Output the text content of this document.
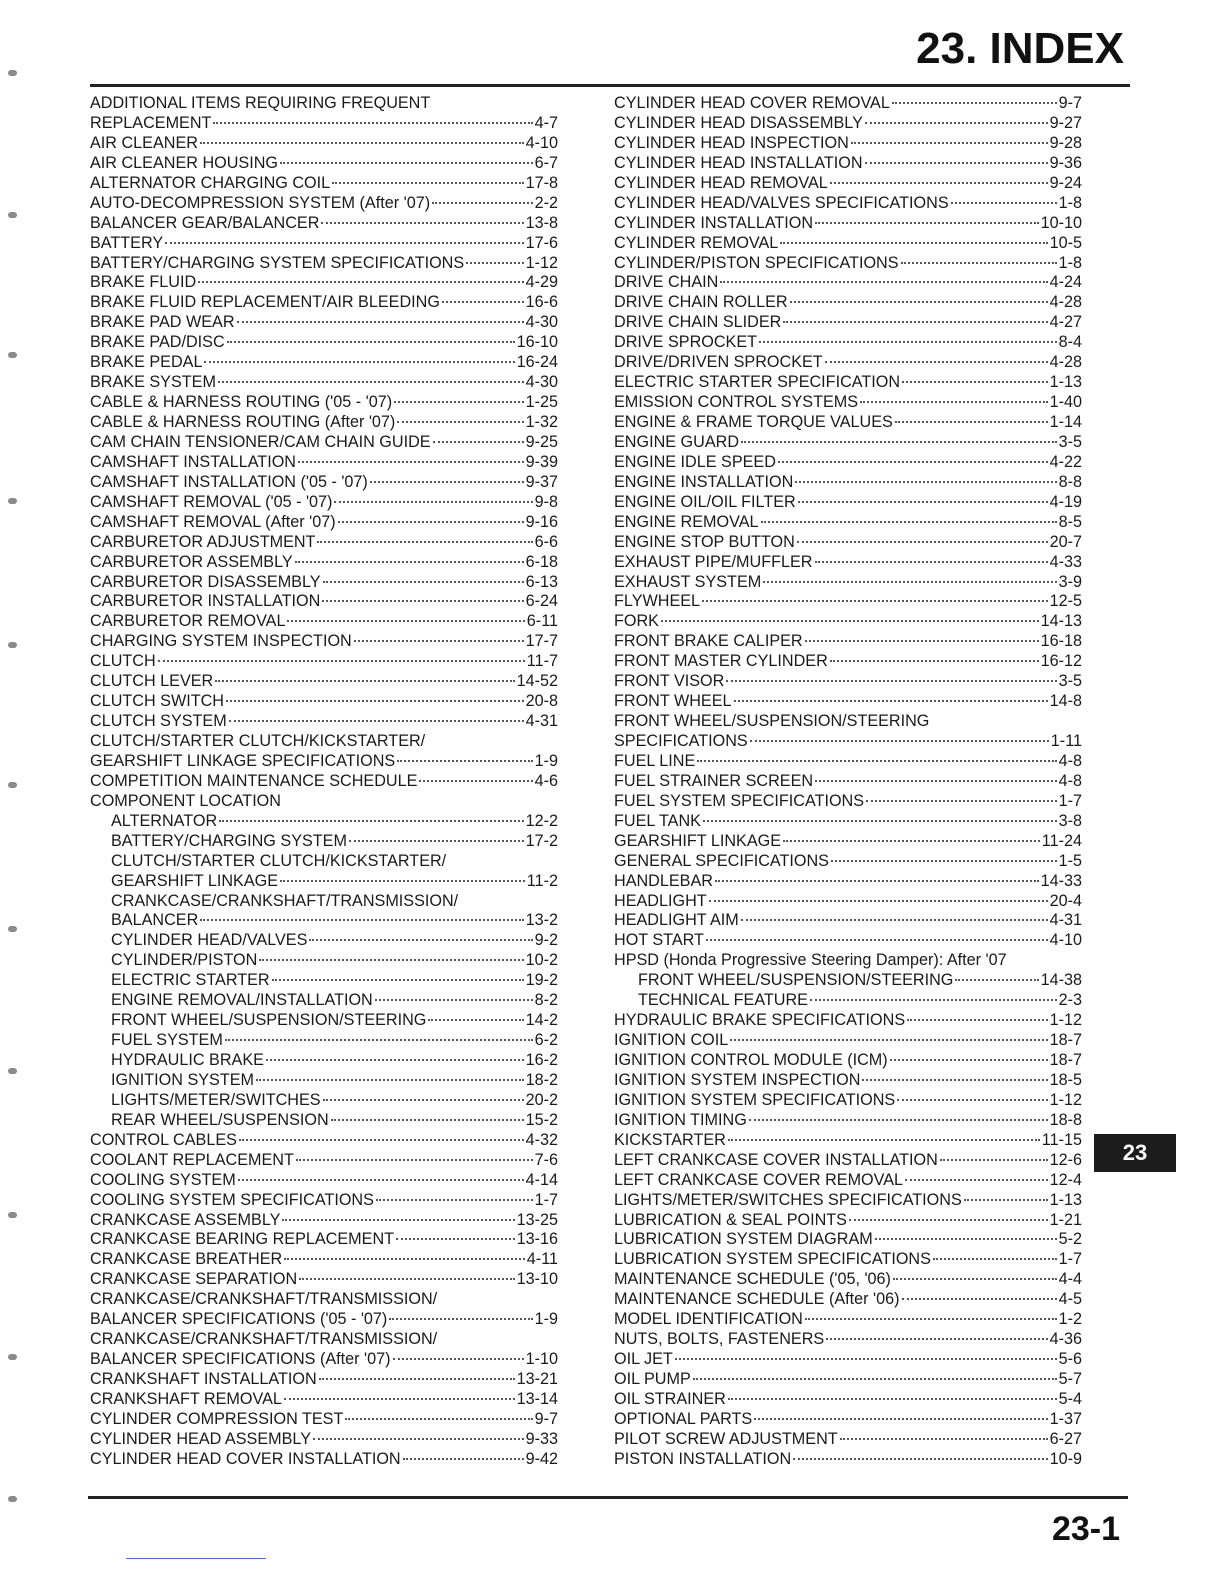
23. INDEX
ADDITIONAL ITEMS REQUIRING FREQUENT
REPLACEMENT	4-7
AIR CLEANER	4-10
AIR CLEANER HOUSING	6-7
ALTERNATOR CHARGING COIL	17-8
AUTO-DECOMPRESSION SYSTEM (After '07)	2-2
BALANCER GEAR/BALANCER	13-8
BATTERY	17-6
BATTERY/CHARGING SYSTEM SPECIFICATIONS	1-12
BRAKE FLUID	4-29
BRAKE FLUID REPLACEMENT/AIR BLEEDING	16-6
BRAKE PAD WEAR	4-30
BRAKE PAD/DISC	16-10
BRAKE PEDAL	16-24
BRAKE SYSTEM	4-30
CABLE & HARNESS ROUTING ('05 - '07)	1-25
CABLE & HARNESS ROUTING (After '07)	1-32
CAM CHAIN TENSIONER/CAM CHAIN GUIDE	9-25
CAMSHAFT INSTALLATION	9-39
CAMSHAFT INSTALLATION ('05 - '07)	9-37
CAMSHAFT REMOVAL ('05 - '07)	9-8
CAMSHAFT REMOVAL (After '07)	9-16
CARBURETOR ADJUSTMENT	6-6
CARBURETOR ASSEMBLY	6-18
CARBURETOR DISASSEMBLY	6-13
CARBURETOR INSTALLATION	6-24
CARBURETOR REMOVAL	6-11
CHARGING SYSTEM INSPECTION	17-7
CLUTCH	11-7
CLUTCH LEVER	14-52
CLUTCH SWITCH	20-8
CLUTCH SYSTEM	4-31
CLUTCH/STARTER CLUTCH/KICKSTARTER/
GEARSHIFT LINKAGE SPECIFICATIONS	1-9
COMPETITION MAINTENANCE SCHEDULE	4-6
COMPONENT LOCATION
ALTERNATOR	12-2
BATTERY/CHARGING SYSTEM	17-2
CLUTCH/STARTER CLUTCH/KICKSTARTER/
GEARSHIFT LINKAGE	11-2
CRANKCASE/CRANKSHAFT/TRANSMISSION/
BALANCER	13-2
CYLINDER HEAD/VALVES	9-2
CYLINDER/PISTON	10-2
ELECTRIC STARTER	19-2
ENGINE REMOVAL/INSTALLATION	8-2
FRONT WHEEL/SUSPENSION/STEERING	14-2
FUEL SYSTEM	6-2
HYDRAULIC BRAKE	16-2
IGNITION SYSTEM	18-2
LIGHTS/METER/SWITCHES	20-2
REAR WHEEL/SUSPENSION	15-2
CONTROL CABLES	4-32
COOLANT REPLACEMENT	7-6
COOLING SYSTEM	4-14
COOLING SYSTEM SPECIFICATIONS	1-7
CRANKCASE ASSEMBLY	13-25
CRANKCASE BEARING REPLACEMENT	13-16
CRANKCASE BREATHER	4-11
CRANKCASE SEPARATION	13-10
CRANKCASE/CRANKSHAFT/TRANSMISSION/
BALANCER SPECIFICATIONS ('05 - '07)	1-9
CRANKCASE/CRANKSHAFT/TRANSMISSION/
BALANCER SPECIFICATIONS (After '07)	1-10
CRANKSHAFT INSTALLATION	13-21
CRANKSHAFT REMOVAL	13-14
CYLINDER COMPRESSION TEST	9-7
CYLINDER HEAD ASSEMBLY	9-33
CYLINDER HEAD COVER INSTALLATION	9-42
CYLINDER HEAD COVER REMOVAL	9-7
CYLINDER HEAD DISASSEMBLY	9-27
CYLINDER HEAD INSPECTION	9-28
CYLINDER HEAD INSTALLATION	9-36
CYLINDER HEAD REMOVAL	9-24
CYLINDER HEAD/VALVES SPECIFICATIONS	1-8
CYLINDER INSTALLATION	10-10
CYLINDER REMOVAL	10-5
CYLINDER/PISTON SPECIFICATIONS	1-8
DRIVE CHAIN	4-24
DRIVE CHAIN ROLLER	4-28
DRIVE CHAIN SLIDER	4-27
DRIVE SPROCKET	8-4
DRIVE/DRIVEN SPROCKET	4-28
ELECTRIC STARTER SPECIFICATION	1-13
EMISSION CONTROL SYSTEMS	1-40
ENGINE & FRAME TORQUE VALUES	1-14
ENGINE GUARD	3-5
ENGINE IDLE SPEED	4-22
ENGINE INSTALLATION	8-8
ENGINE OIL/OIL FILTER	4-19
ENGINE REMOVAL	8-5
ENGINE STOP BUTTON	20-7
EXHAUST PIPE/MUFFLER	4-33
EXHAUST SYSTEM	3-9
FLYWHEEL	12-5
FORK	14-13
FRONT BRAKE CALIPER	16-18
FRONT MASTER CYLINDER	16-12
FRONT VISOR	3-5
FRONT WHEEL	14-8
FRONT WHEEL/SUSPENSION/STEERING
SPECIFICATIONS	1-11
FUEL LINE	4-8
FUEL STRAINER SCREEN	4-8
FUEL SYSTEM SPECIFICATIONS	1-7
FUEL TANK	3-8
GEARSHIFT LINKAGE	11-24
GENERAL SPECIFICATIONS	1-5
HANDLEBAR	14-33
HEADLIGHT	20-4
HEADLIGHT AIM	4-31
HOT START	4-10
HPSD (Honda Progressive Steering Damper): After '07
FRONT WHEEL/SUSPENSION/STEERING	14-38
TECHNICAL FEATURE	2-3
HYDRAULIC BRAKE SPECIFICATIONS	1-12
IGNITION COIL	18-7
IGNITION CONTROL MODULE (ICM)	18-7
IGNITION SYSTEM INSPECTION	18-5
IGNITION SYSTEM SPECIFICATIONS	1-12
IGNITION TIMING	18-8
KICKSTARTER	11-15
LEFT CRANKCASE COVER INSTALLATION	12-6
LEFT CRANKCASE COVER REMOVAL	12-4
LIGHTS/METER/SWITCHES SPECIFICATIONS	1-13
LUBRICATION & SEAL POINTS	1-21
LUBRICATION SYSTEM DIAGRAM	5-2
LUBRICATION SYSTEM SPECIFICATIONS	1-7
MAINTENANCE SCHEDULE ('05, '06)	4-4
MAINTENANCE SCHEDULE (After '06)	4-5
MODEL IDENTIFICATION	1-2
NUTS, BOLTS, FASTENERS	4-36
OIL JET	5-6
OIL PUMP	5-7
OIL STRAINER	5-4
OPTIONAL PARTS	1-37
PILOT SCREW ADJUSTMENT	6-27
PISTON INSTALLATION	10-9
23
23-1
